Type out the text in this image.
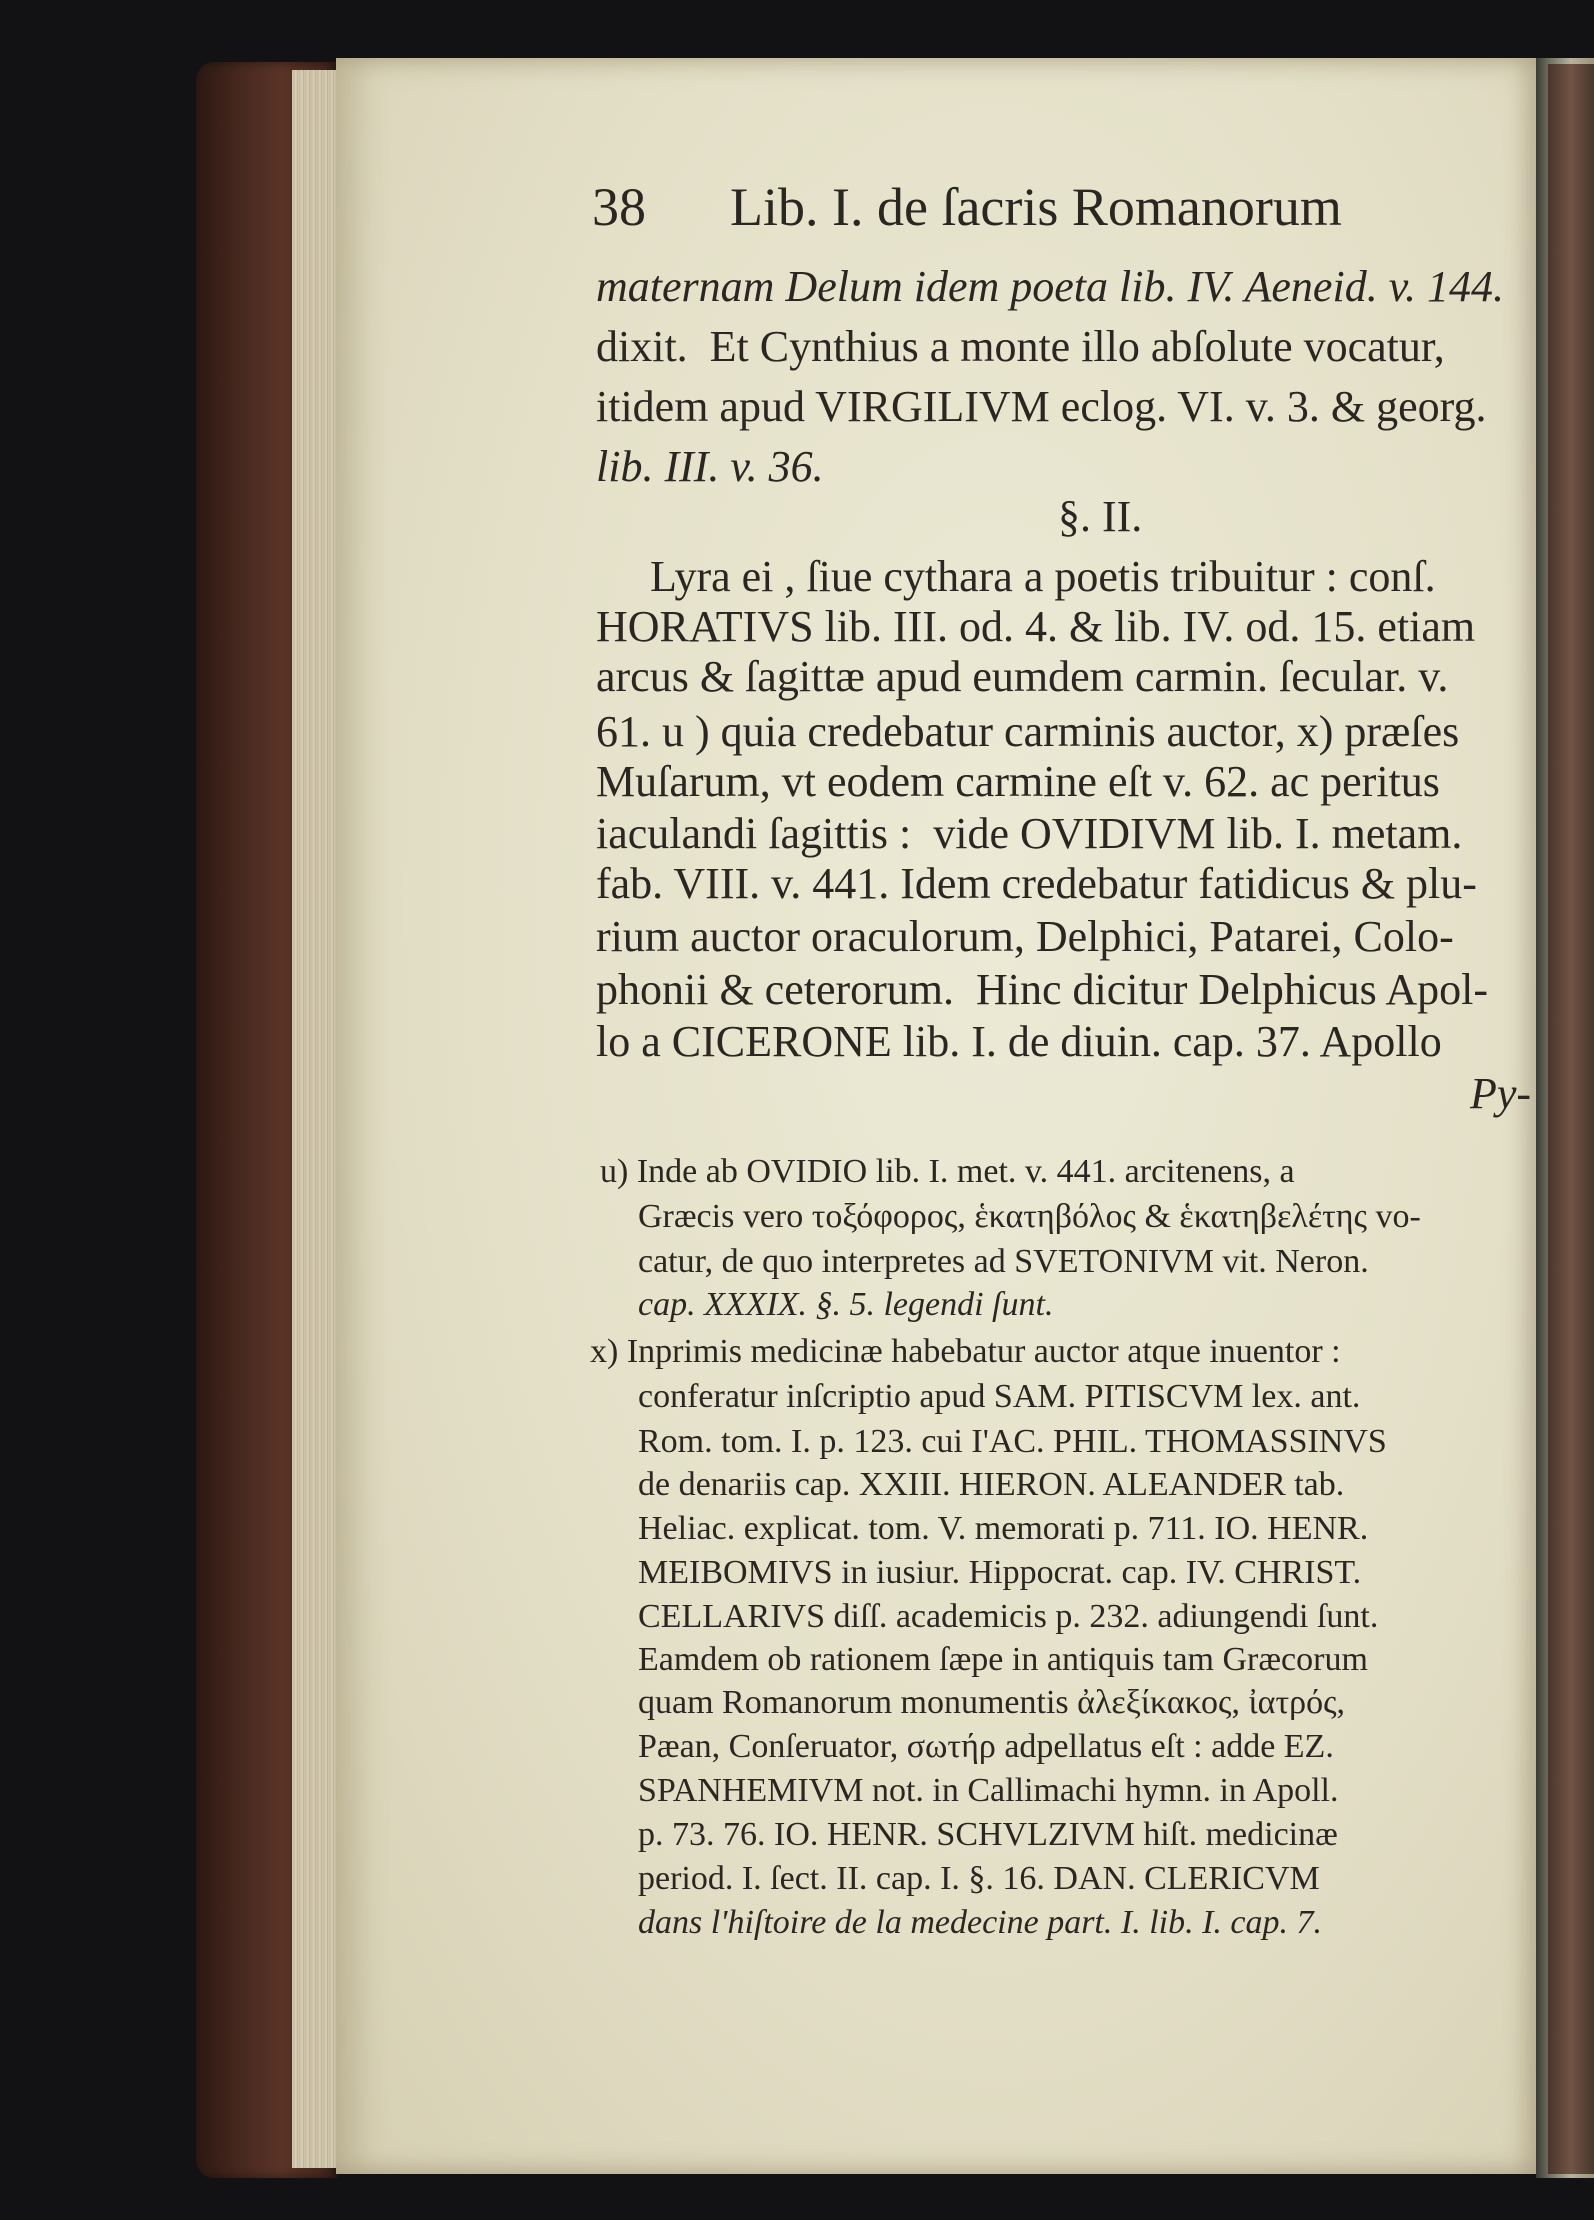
38 Lib. I. de ſacris Romanorum
maternam Delum idem poeta lib. IV. Aeneid. v. 144.
dixit.  Et Cynthius a monte illo abſolute vocatur,
itidem apud VIRGILIVM eclog. VI. v. 3. & georg.
lib. III. v. 36.
§. II.
Lyra ei , ſiue cythara a poetis tribuitur : conſ.
HORATIVS lib. III. od. 4. & lib. IV. od. 15. etiam
arcus & ſagittæ apud eumdem carmin. ſecular. v.
61. u ) quia credebatur carminis auctor, x) præſes
Muſarum, vt eodem carmine eſt v. 62. ac peritus
iaculandi ſagittis :  vide OVIDIVM lib. I. metam.
fab. VIII. v. 441. Idem credebatur fatidicus & plu-
rium auctor oraculorum, Delphici, Patarei, Colo-
phonii & ceterorum.  Hinc dicitur Delphicus Apol-
lo a CICERONE lib. I. de diuin. cap. 37. Apollo
Py-
u) Inde ab OVIDIO lib. I. met. v. 441. arcitenens, a
Græcis vero τοξόφορος, ἑκατηβόλος & ἑκατηβελέτης vo-
catur, de quo interpretes ad SVETONIVM vit. Neron.
cap. XXXIX. §. 5. legendi ſunt.
x) Inprimis medicinæ habebatur auctor atque inuentor :
conferatur inſcriptio apud SAM. PITISCVM lex. ant.
Rom. tom. I. p. 123. cui I'AC. PHIL. THOMASSINVS
de denariis cap. XXIII. HIERON. ALEANDER tab.
Heliac. explicat. tom. V. memorati p. 711. IO. HENR.
MEIBOMIVS in iusiur. Hippocrat. cap. IV. CHRIST.
CELLARIVS diſſ. academicis p. 232. adiungendi ſunt.
Eamdem ob rationem ſæpe in antiquis tam Græcorum
quam Romanorum monumentis ἀλεξίκακος, ἰατρός,
Pæan, Conſeruator, σωτήρ adpellatus eſt : adde EZ.
SPANHEMIVM not. in Callimachi hymn. in Apoll.
p. 73. 76. IO. HENR. SCHVLZIVM hiſt. medicinæ
period. I. ſect. II. cap. I. §. 16. DAN. CLERICVM
dans l'hiſtoire de la medecine part. I. lib. I. cap. 7.
